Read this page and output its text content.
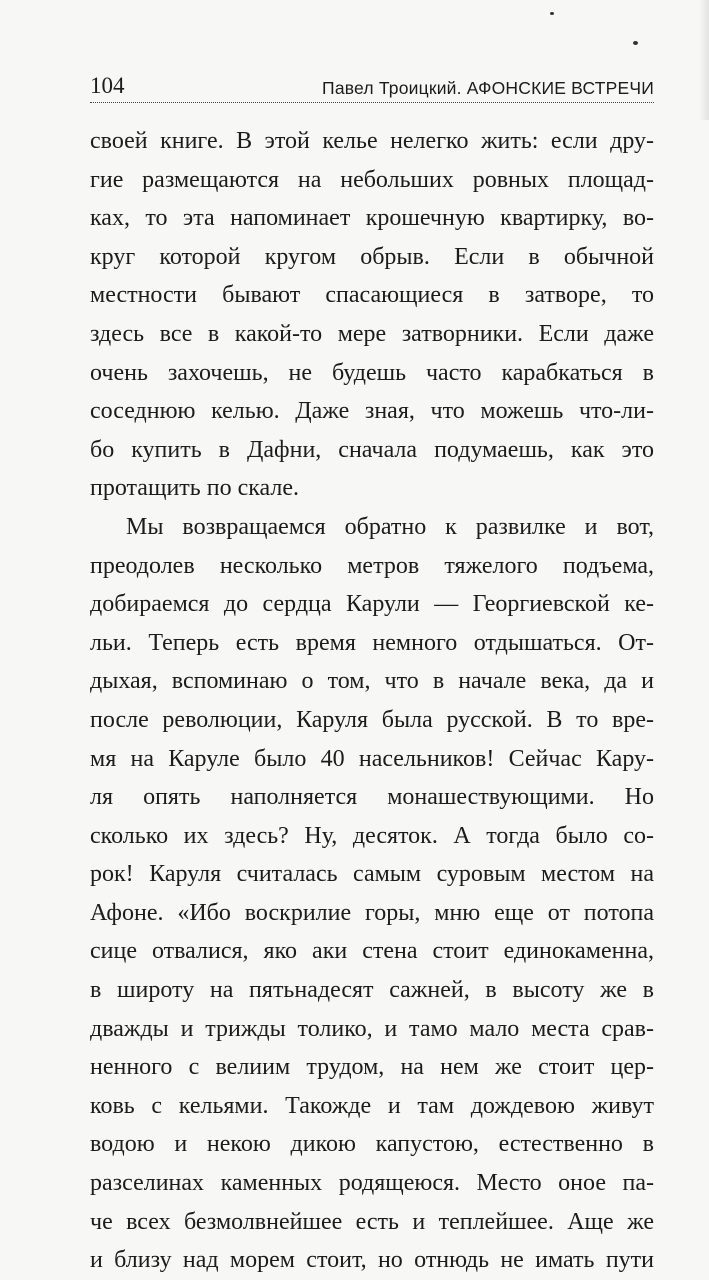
104	Павел Троицкий. АФОНСКИЕ ВСТРЕЧИ
своей книге. В этой келье нелегко жить: если дру-
гие размещаются на небольших ровных площад-
ках, то эта напоминает крошечную квартирку, во-
круг которой кругом обрыв. Если в обычной
местности бывают спасающиеся в затворе, то
здесь все в какой-то мере затворники. Если даже
очень захочешь, не будешь часто карабкаться в
соседнюю келью. Даже зная, что можешь что-ли-
бо купить в Дафни, сначала подумаешь, как это
протащить по скале.
Мы возвращаемся обратно к развилке и вот,
преодолев несколько метров тяжелого подъема,
добираемся до сердца Карули — Георгиевской ке-
льи. Теперь есть время немного отдышаться. От-
дыхая, вспоминаю о том, что в начале века, да и
после революции, Каруля была русской. В то вре-
мя на Каруле было 40 насельников! Сейчас Кару-
ля опять наполняется монашествующими. Но
сколько их здесь? Ну, десяток. А тогда было со-
рок! Каруля считалась самым суровым местом на
Афоне. «Ибо воскрилие горы, мню еще от потопа
сице отвалися, яко аки стена стоит единокаменна,
в широту на пятьнадесят сажней, в высоту же в
дважды и трижды толико, и тамо мало места срав-
ненного с велиим трудом, на нем же стоит цер-
ковь с кельями. Такожде и там дождевою живут
водою и некою дикою капустою, естественно в
разселинах каменных родящеюся. Место оное па-
че всех безмолвнейшее есть и теплейшее. Аще же
и близу над морем стоит, но отнюдь не имать пути
